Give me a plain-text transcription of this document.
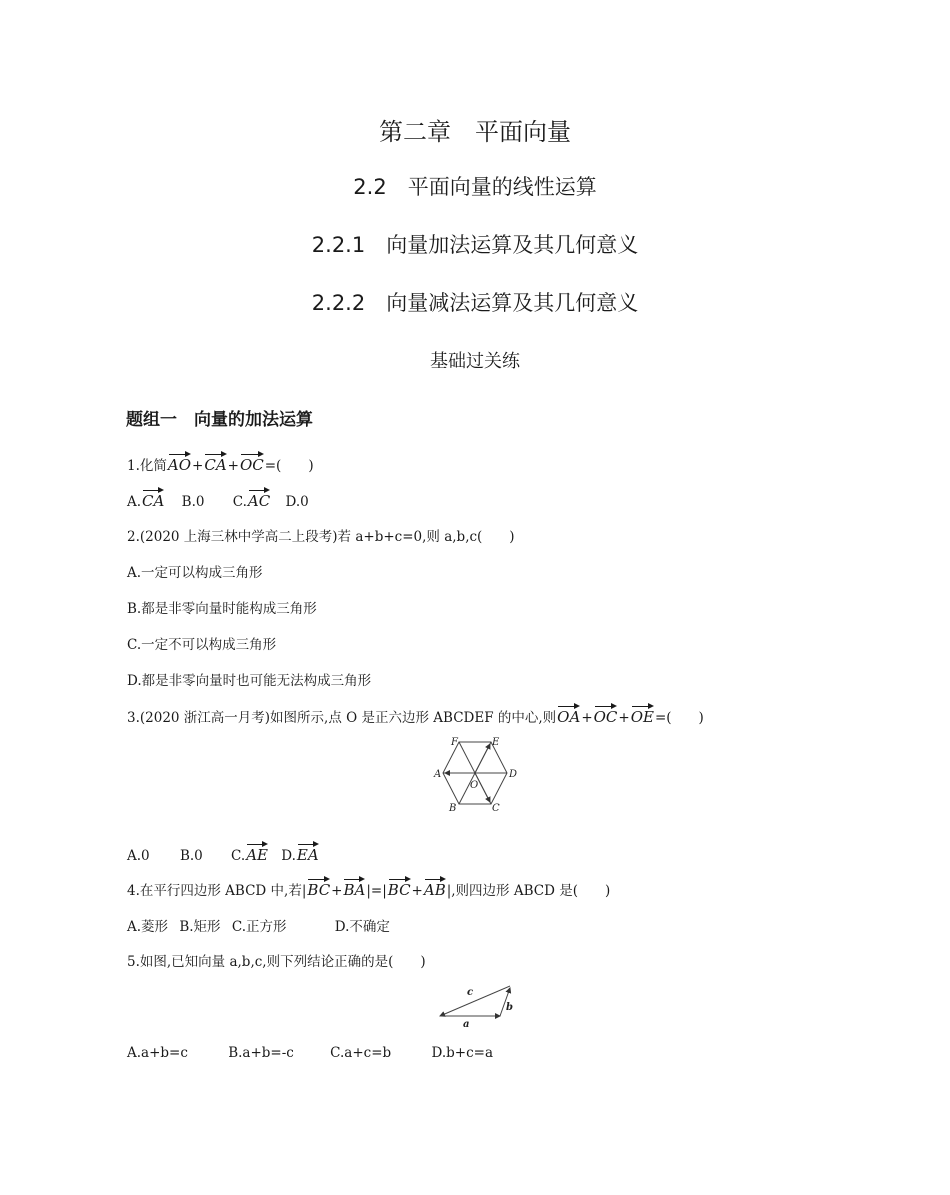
第二章　平面向量
2.2　平面向量的线性运算
2.2.1　向量加法运算及其几何意义
2.2.2　向量减法运算及其几何意义
基础过关练
题组一　向量的加法运算
1.化简AO+CA+OC=(　　)
A.CA B.0 C.AC D.0
2.(2020 上海三林中学高二上段考)若 a+b+c=0,则 a,b,c(　　)
A.一定可以构成三角形
B.都是非零向量时能构成三角形
C.一定不可以构成三角形
D.都是非零向量时也可能无法构成三角形
3.(2020 浙江高一月考)如图所示,点 O 是正六边形 ABCDEF 的中心,则OA+OC+OE=(　　)
F	E
A	D
O
B	C
A.0 B.0 C.AE D.EA
4.在平行四边形 ABCD 中,若|BC+BA|=|BC+AB|,则四边形 ABCD 是(　　)
A.菱形 B.矩形 C.正方形	D.不确定
5.如图,已知向量 a,b,c,则下列结论正确的是(　　)
c
b
a
A.a+b=c	B.a+b=-c	C.a+c=b	D.b+c=a
